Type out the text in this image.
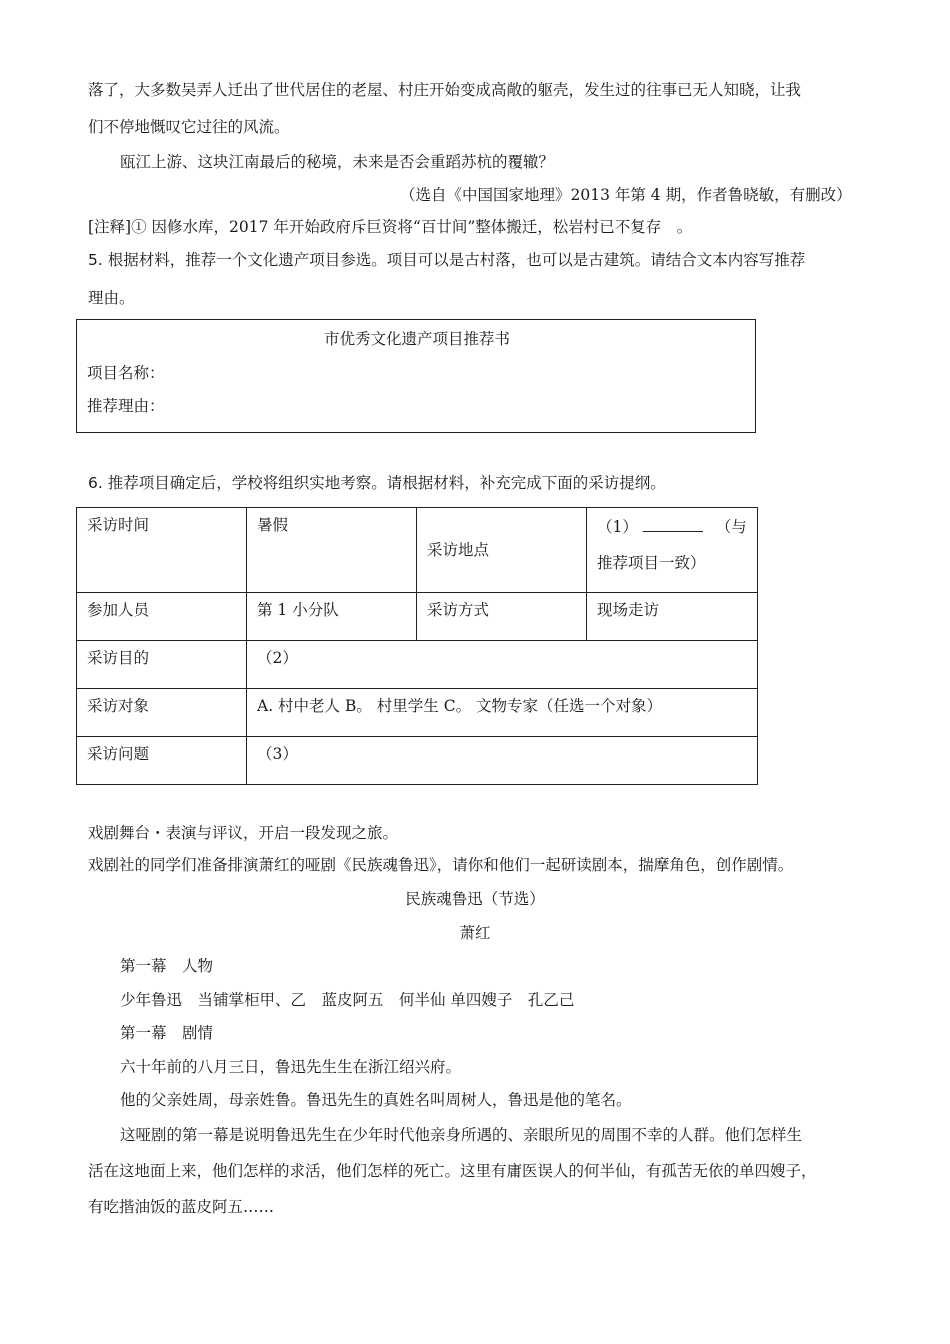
落了，大多数吴弄人迁出了世代居住的老屋、村庄开始变成高敞的躯壳，发生过的往事已无人知晓，让我
们不停地慨叹它过往的风流。
瓯江上游、这块江南最后的秘境，未来是否会重蹈苏杭的覆辙？
（选自《中国国家地理》2013 年第 4 期，作者鲁晓敏，有删改）
[注释]① 因修水库，2017 年开始政府斥巨资将“百廿间”整体搬迁，松岩村已不复存　。
5. 根据材料，推荐一个文化遗产项目参选。项目可以是古村落，也可以是古建筑。请结合文本内容写推荐
理由。
市优秀文化遗产项目推荐书
项目名称：
推荐理由：
6. 推荐项目确定后，学校将组织实地考察。请根据材料，补充完成下面的采访提纲。
采访时间	暑假	采访地点	（1） （与
推荐项目一致）

参加人员	第 1 小分队	采访方式	现场走访
采访目的	（2）		
采访对象	A. 村中老人 B。 村里学生 C。 文物专家（任选一个对象）		
采访问题	（3）		
戏剧舞台・表演与评议，开启一段发现之旅。
戏剧社的同学们准备排演萧红的哑剧《民族魂鲁迅》，请你和他们一起研读剧本，揣摩角色，创作剧情。
民族魂鲁迅（节选）
萧红
第一幕　人物
少年鲁迅　当铺掌柜甲、乙　蓝皮阿五　何半仙 单四嫂子　孔乙己
第一幕　剧情
六十年前的八月三日，鲁迅先生生在浙江绍兴府。
他的父亲姓周，母亲姓鲁。鲁迅先生的真姓名叫周树人，鲁迅是他的笔名。
这哑剧的第一幕是说明鲁迅先生在少年时代他亲身所遇的、亲眼所见的周围不幸的人群。他们怎样生
活在这地面上来，他们怎样的求活，他们怎样的死亡。这里有庸医误人的何半仙，有孤苦无依的单四嫂子，
有吃揩油饭的蓝皮阿五……
